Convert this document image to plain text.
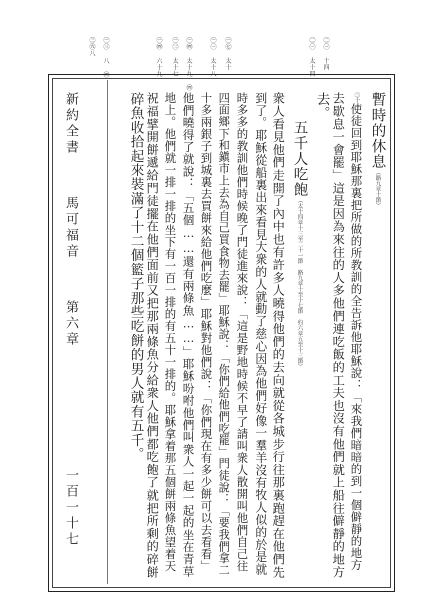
㊂㊈八 ㊀㊂ 八 ㊃	㊀㊃ 六十九 ㊀㊁ 太十七 ㊀㊃ 太十九 ㊃	㊀㊀ 太十八 ㊀㊆ 太十	㊁㊀ 太十四 ㊁㊀ 十四
暫時的休息（路九章十節）
㊂十使徒回到耶穌那裏把所做的所教訓的全告訴他耶穌說：「來我們暗暗的到一個僻靜的地方
去歇息一會罷」這是因為來往的人多他們連吃飯的工夫也沒有他們就上船往僻靜的地方
去。
五千人吃飽（太十四章十三至二十一節 路九章十至十七節 約六章五至十三節）
衆人看見他們走開了內中也有許多人曉得他們的去向就從各城步行往那裏跑趕在他們先
到了。耶穌從船裏出來看見大衆的人就動了慈心因為他們好像一羣羊沒有牧人似的於是就
時多多的教訓他們時候晚了門徒進來說：「這是野地時候不早了請叫衆人散開叫他們自己往
四面鄉下和鎭市上去為自己買食物去罷」耶穌說：「你們給他們吃罷」門徒說：「要我們拿二
十多兩銀子到城裏去買餅來給他們吃麼」耶穌對他們說：「你們現在有多少餅可以去看看」
他們曉得了就說：「五個……還有兩條魚……」耶穌吩咐他們叫衆人一起一起的坐在青草
地上。他們就一排一排的坐下有一百一排的有五十一排的。耶穌拿着那五個餅兩條魚望着天
祝福擘開餅遞給門徒擺在他們面前又把那兩條魚分給衆人他們都吃飽了就把所剩的碎餅
碎魚收拾起來裝滿了十二個籃子那些吃餅的男人就有五千。
新約全書
馬可福音
第六章
一百一十七
